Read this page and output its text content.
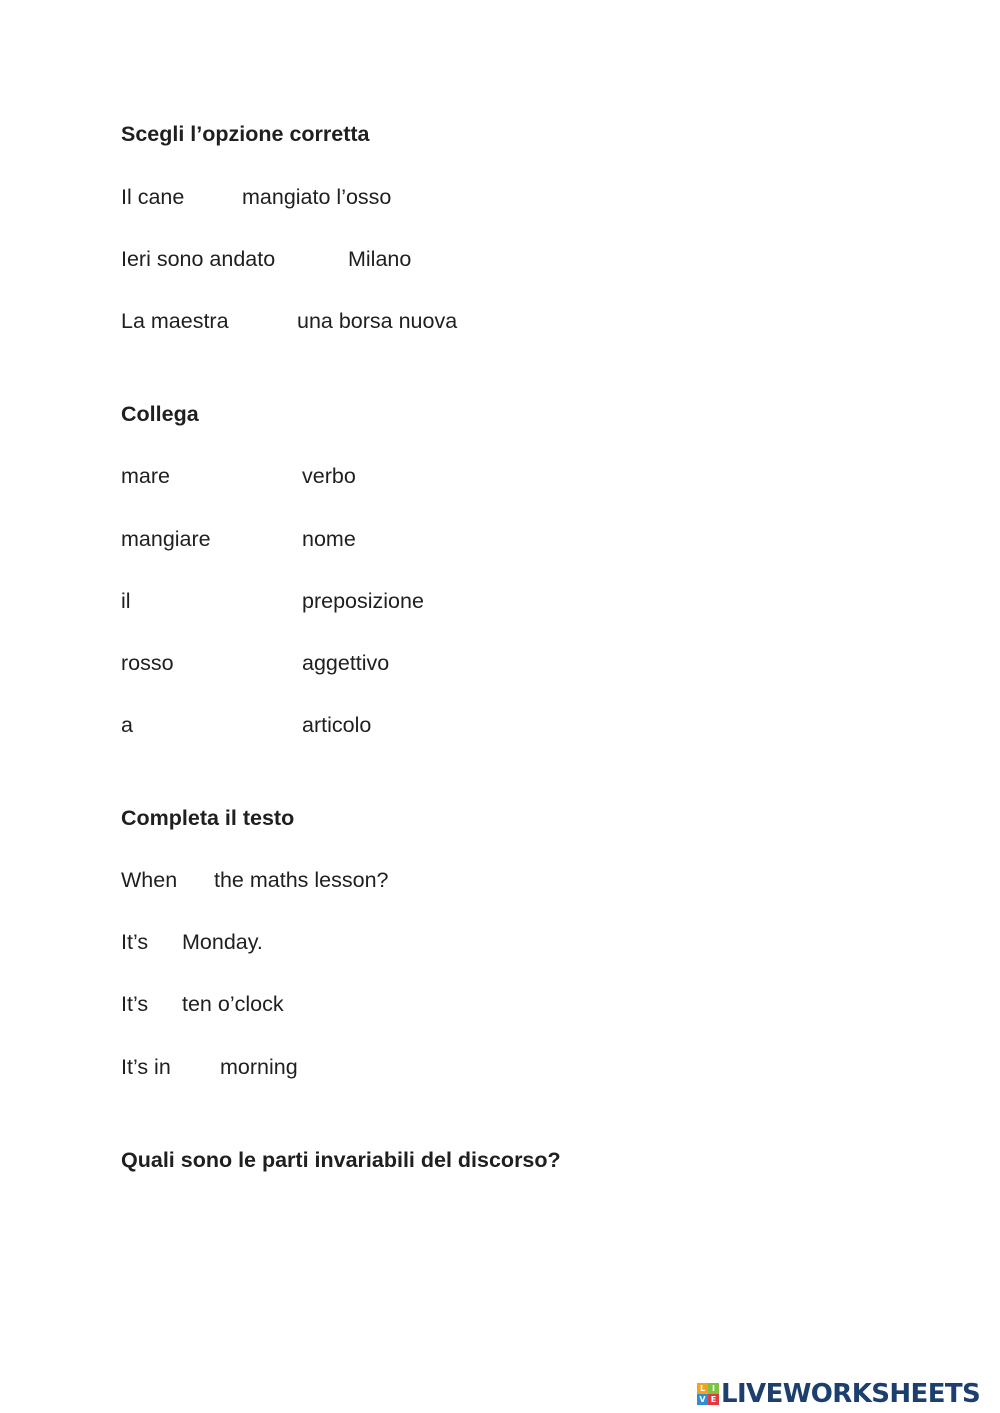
Scegli l’opzione corretta
Il cane	mangiato l’osso
Ieri sono andato	Milano
La maestra	una borsa nuova
Collega
mare	verbo
mangiare	nome
il	preposizione
rosso	aggettivo
a	articolo
Completa il testo
When the maths lesson?
It’s Monday.
It’s ten o’clock
It’s in morning
Quali sono le parti invariabili del discorso?
L I
V E LIVEWORKSHEETS
